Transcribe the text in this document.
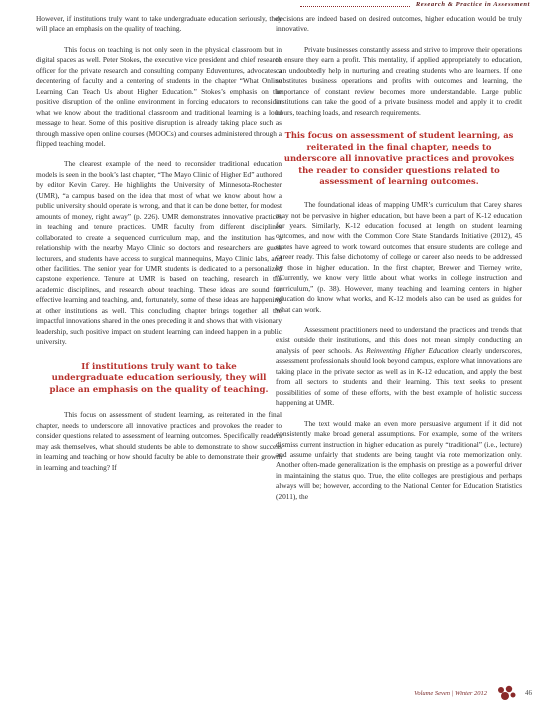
Research & Practice in Assessment

However, if institutions truly want to take undergraduate education seriously, they will place an emphasis on the quality of teaching.

This focus on teaching is not only seen in the physical classroom but in digital spaces as well. Peter Stokes, the executive vice president and chief research officer for the private research and consulting company Eduventures, advocates a decentering of faculty and a centering of students in the chapter “What Online Learning Can Teach Us about Higher Education.” Stokes’s emphasis on the positive disruption of the online environment in forcing educators to reconsider what we know about the traditional classroom and traditional learning is a loud message to hear. Some of this positive disruption is already taking place such as through massive open online courses (MOOCs) and courses administered through a flipped teaching model.

The clearest example of the need to reconsider traditional education models is seen in the book’s last chapter, “The Mayo Clinic of Higher Ed” authored by editor Kevin Carey. He highlights the University of Minnesota-Rochester (UMR), “a campus based on the idea that most of what we know about how a public university should operate is wrong, and that it can be done better, for modest amounts of money, right away” (p. 226). UMR demonstrates innovative practices in teaching and tenure practices. UMR faculty from different disciplines collaborated to create a sequenced curriculum map, and the institution has a relationship with the nearby Mayo Clinic so doctors and researchers are guest lecturers, and students have access to surgical mannequins, Mayo Clinic labs, and other facilities. The senior year for UMR students is dedicated to a personalized capstone experience. Tenure at UMR is based on teaching, research in the academic disciplines, and research about teaching. These ideas are sound for effective learning and teaching, and, fortunately, some of these ideas are happening at other institutions as well. This concluding chapter brings together all the impactful innovations shared in the ones preceding it and shows that with visionary leadership, such positive impact on student learning can indeed happen in a public university.

If institutions truly want to take undergraduate education seriously, they will place an emphasis on the quality of teaching.

This focus on assessment of student learning, as reiterated in the final chapter, needs to underscore all innovative practices and provokes the reader to consider questions related to assessment of learning outcomes. Specifically readers may ask themselves, what should students be able to demonstrate to show success in learning and teaching or how should faculty be able to demonstrate their growth in learning and teaching? If

decisions are indeed based on desired outcomes, higher education would be truly innovative.

Private businesses constantly assess and strive to improve their operations to ensure they earn a profit. This mentality, if applied appropriately to education, can undoubtedly help in nurturing and creating students who are learners. If one substitutes business operations and profits with outcomes and learning, the importance of constant review becomes more understandable. Large public institutions can take the good of a private business model and apply it to credit hours, teaching loads, and research requirements.

This focus on assessment of student learning, as reiterated in the final chapter, needs to underscore all innovative practices and provokes the reader to consider questions related to assessment of learning outcomes.

The foundational ideas of mapping UMR’s curriculum that Carey shares may not be pervasive in higher education, but have been a part of K-12 education for years. Similarly, K-12 education focused at length on student learning outcomes, and now with the Common Core State Standards Initiative (2012), 45 states have agreed to work toward outcomes that ensure students are college and career ready. This false dichotomy of college or career also needs to be addressed by those in higher education. In the first chapter, Brewer and Tierney write, “Currently, we know very little about what works in college instruction and curriculum,” (p. 38). However, many teaching and learning centers in higher education do know what works, and K-12 models also can be used as guides for what can work.

Assessment practitioners need to understand the practices and trends that exist outside their institutions, and this does not mean simply conducting an analysis of peer schools. As Reinventing Higher Education clearly underscores, assessment professionals should look beyond campus, explore what innovations are taking place in the private sector as well as in K-12 education, and apply the best from all sectors to students and their learning. This text seeks to present possibilities of some of these efforts, with the best example of holistic success happening at UMR.

The text would make an even more persuasive argument if it did not consistently make broad general assumptions. For example, some of the writers dismiss current instruction in higher education as purely “traditional” (i.e., lecture) and assume unfairly that students are being taught via rote memorization only. Another often-made generalization is the emphasis on prestige as a powerful driver in maintaining the status quo. True, the elite colleges are prestigious and perhaps always will be; however, according to the National Center for Education Statistics (2011), the

Volume Seven | Winter 2012	46
